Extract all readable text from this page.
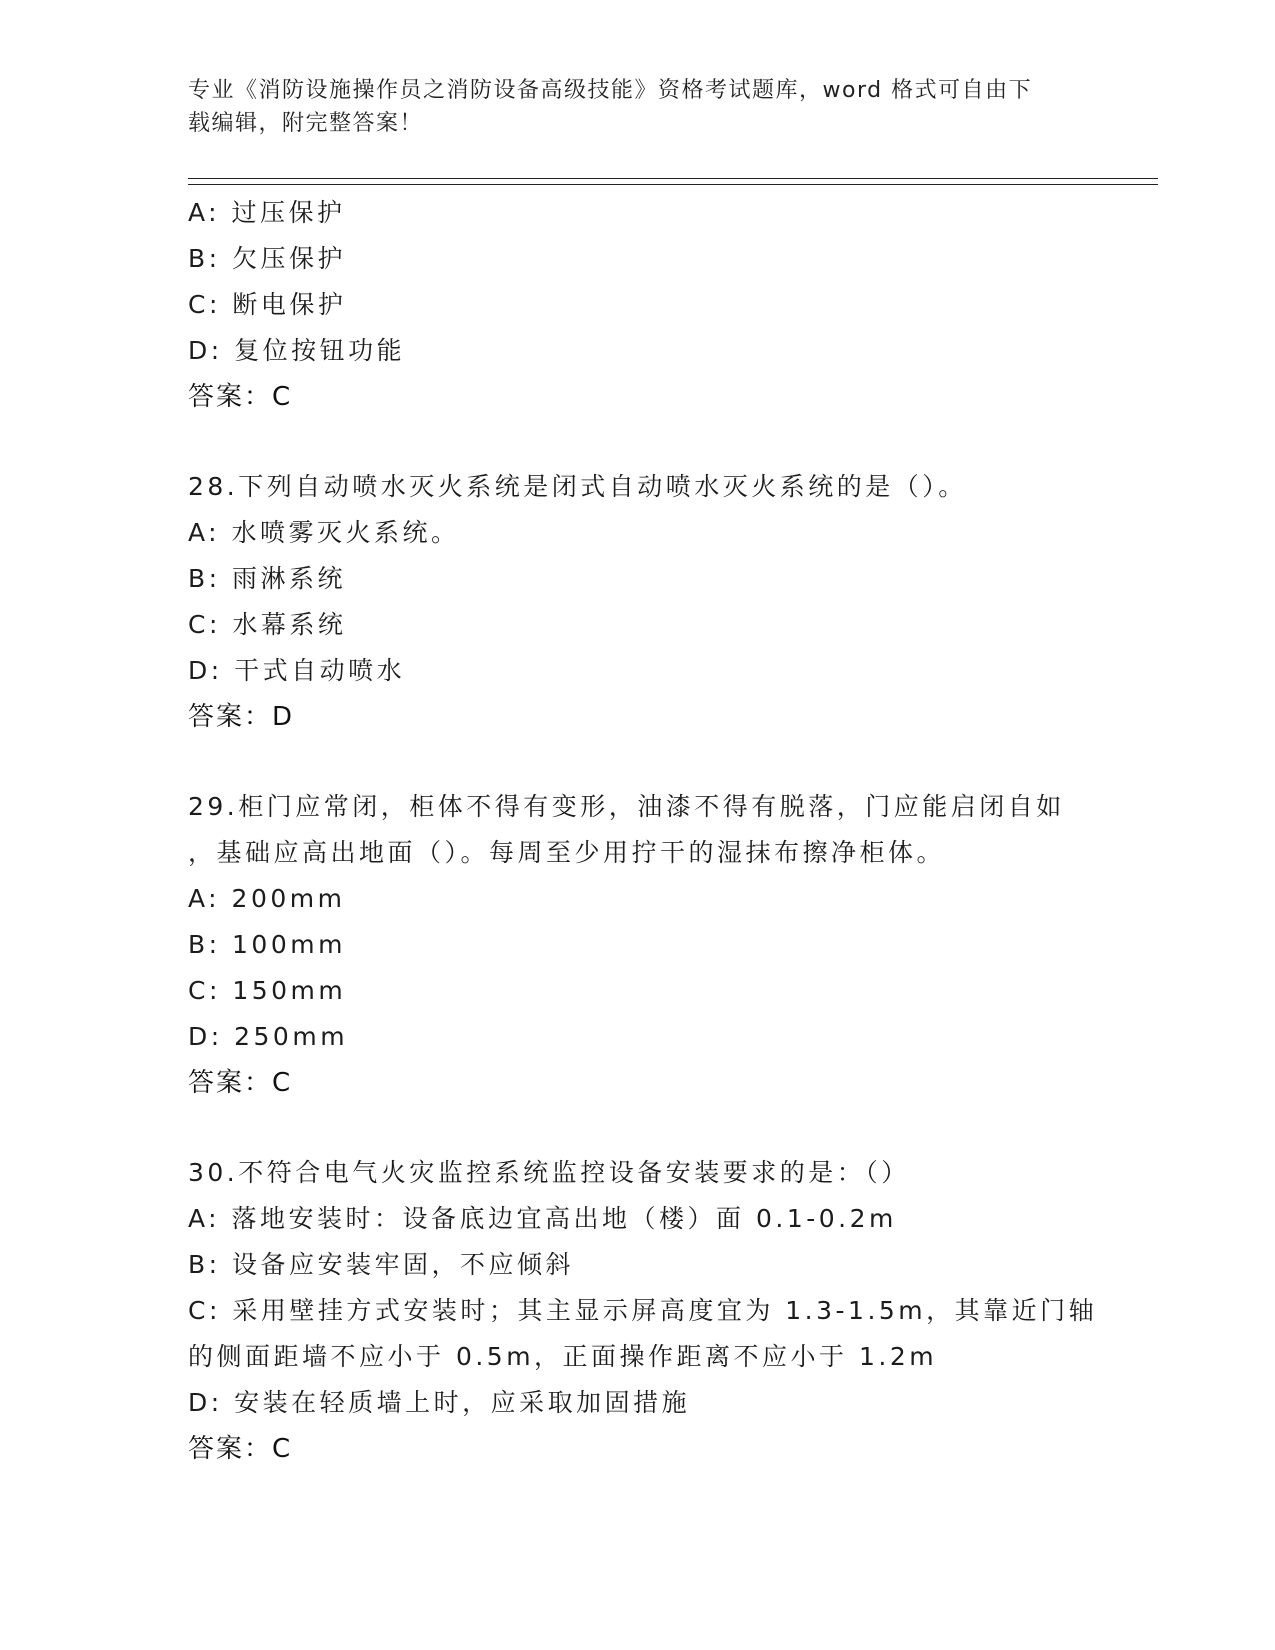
专业《消防设施操作员之消防设备高级技能》资格考试题库，word 格式可自由下
载编辑，附完整答案！
A: 过压保护
B: 欠压保护
C: 断电保护
D: 复位按钮功能
答案：C
28.下列自动喷水灭火系统是闭式自动喷水灭火系统的是（）。
A: 水喷雾灭火系统。
B: 雨淋系统
C: 水幕系统
D: 干式自动喷水
答案：D
29.柜门应常闭，柜体不得有变形，油漆不得有脱落，门应能启闭自如
，基础应高出地面（）。每周至少用拧干的湿抹布擦净柜体。
A: 200mm
B: 100mm
C: 150mm
D: 250mm
答案：C
30.不符合电气火灾监控系统监控设备安装要求的是：（）
A: 落地安装时：设备底边宜高出地（楼）面 0.1-0.2m
B: 设备应安装牢固，不应倾斜
C: 采用壁挂方式安装时；其主显示屏高度宜为 1.3-1.5m，其靠近门轴
的侧面距墙不应小于 0.5m，正面操作距离不应小于 1.2m
D: 安装在轻质墙上时，应采取加固措施
答案：C
